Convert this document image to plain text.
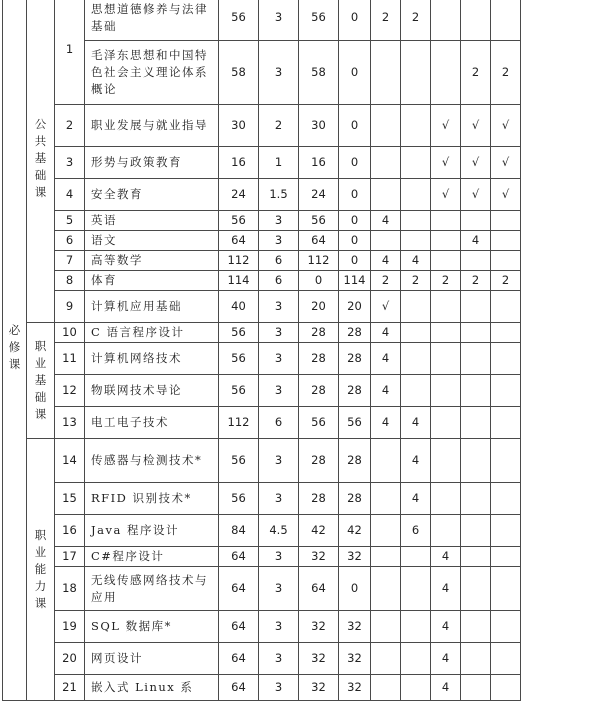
必修课	公共基础课	1	思想道德修养与法律基础	56	3	56	0	2	2			
			毛泽东思想和中国特色社会主义理论体系概论	58	3	58	0				2	2
		2	职业发展与就业指导	30	2	30	0			√	√	√
		3	形势与政策教育	16	1	16	0			√	√	√
		4	安全教育	24	1.5	24	0			√	√	√
		5	英语	56	3	56	0	4				
		6	语文	64	3	64	0				4	
		7	高等数学	112	6	112	0	4	4			
		8	体育	114	6	0	114	2	2	2	2	2
		9	计算机应用基础	40	3	20	20	√				

	职业基础课	10	C 语言程序设计	56	3	28	28	4				
		11	计算机网络技术	56	3	28	28	4				
		12	物联网技术导论	56	3	28	28	4				
		13	电工电子技术	112	6	56	56	4	4			

	职业能力课	14	传感器与检测技术*	56	3	28	28		4			
		15	RFID 识别技术*	56	3	28	28		4			
		16	Java 程序设计	84	4.5	42	42		6			
		17	C#程序设计	64	3	32	32			4		
		18	无线传感网络技术与应用	64	3	64	0			4		
		19	SQL 数据库*	64	3	32	32			4		
		20	网页设计	64	3	32	32			4		
		21	嵌入式 Linux 系	64	3	32	32			4		
